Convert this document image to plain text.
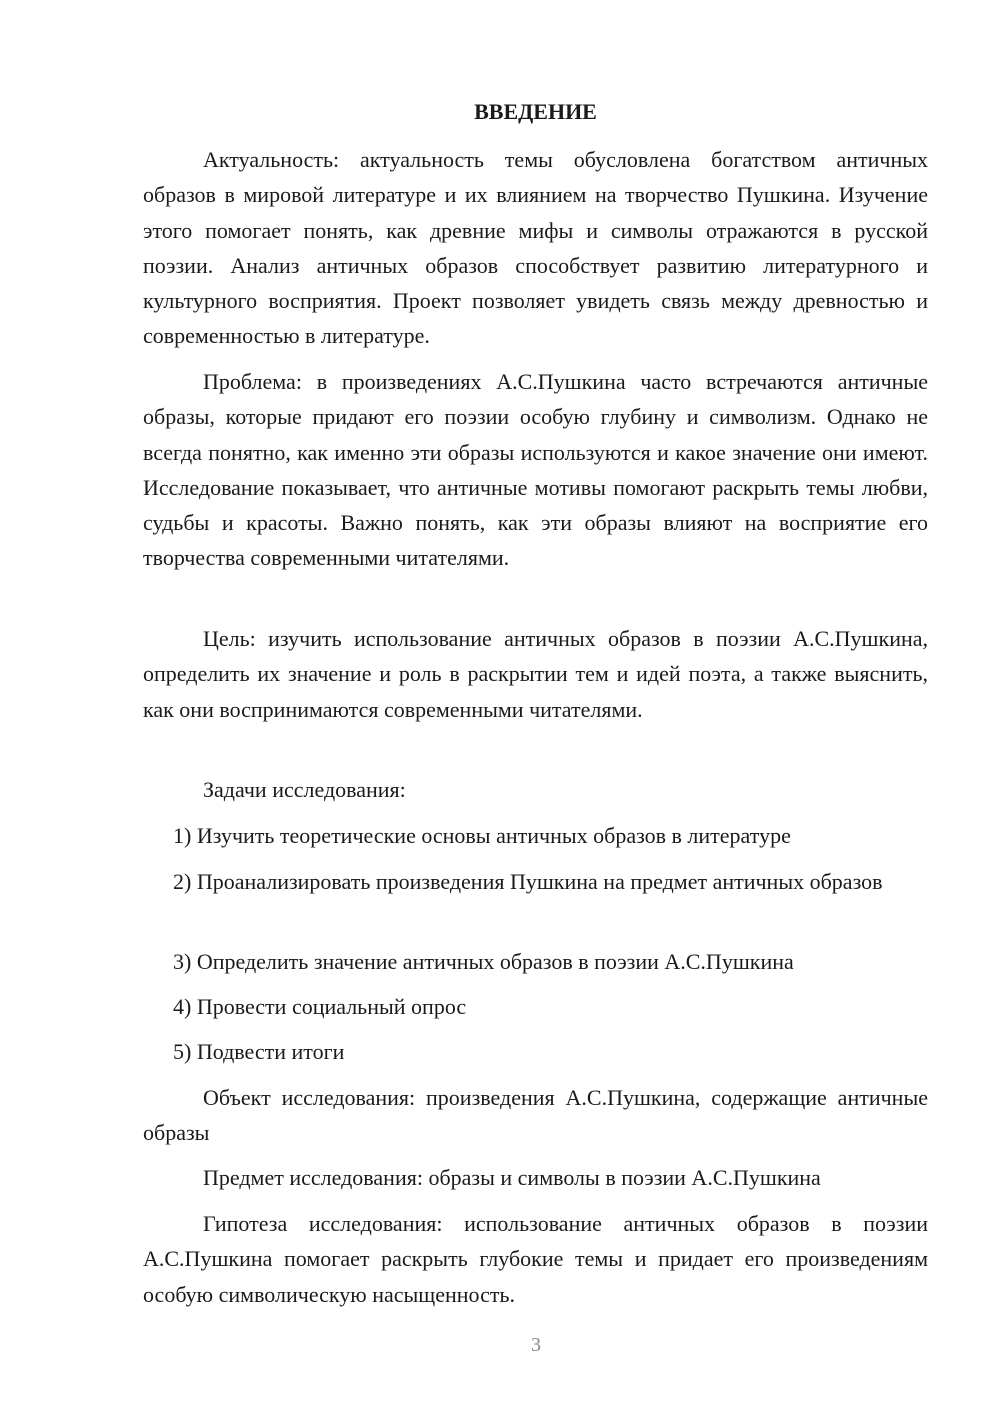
ВВЕДЕНИЕ

Актуальность: актуальность темы обусловлена богатством античных образов в мировой литературе и их влиянием на творчество Пушкина. Изучение этого помогает понять, как древние мифы и символы отражаются в русской поэзии. Анализ античных образов способствует развитию литературного и культурного восприятия. Проект позволяет увидеть связь между древностью и современностью в литературе.

Проблема: в произведениях А.С.Пушкина часто встречаются античные образы, которые придают его поэзии особую глубину и символизм. Однако не всегда понятно, как именно эти образы используются и какое значение они имеют. Исследование показывает, что античные мотивы помогают раскрыть темы любви, судьбы и красоты. Важно понять, как эти образы влияют на восприятие его творчества современными читателями.

Цель: изучить использование античных образов в поэзии А.С.Пушкина, определить их значение и роль в раскрытии тем и идей поэта, а также выяснить, как они воспринимаются современными читателями.

Задачи исследования:

1) Изучить теоретические основы античных образов в литературе

2) Проанализировать произведения Пушкина на предмет античных образов

3) Определить значение античных образов в поэзии А.С.Пушкина

4) Провести социальный опрос

5) Подвести итоги

Объект исследования: произведения А.С.Пушкина, содержащие античные образы

Предмет исследования: образы и символы в поэзии А.С.Пушкина

Гипотеза исследования: использование античных образов в поэзии А.С.Пушкина помогает раскрыть глубокие темы и придает его произведениям особую символическую насыщенность.

3
